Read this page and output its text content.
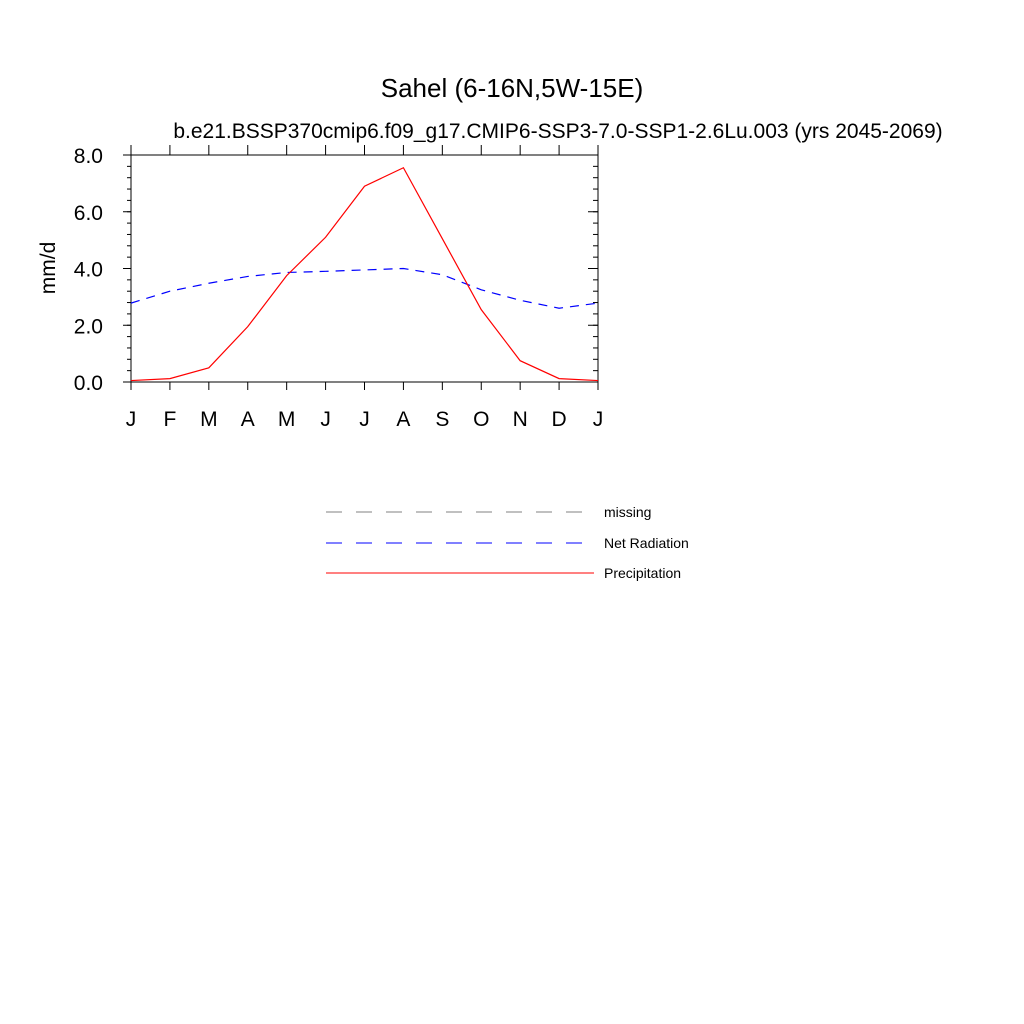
Sahel (6-16N,5W-15E)
b.e21.BSSP370cmip6.f09_g17.CMIP6-SSP3-7.0-SSP1-2.6Lu.003 (yrs 2045-2069)
mm/d
0.0
2.0
4.0
6.0
8.0
J F M A M J J A S O N D J
missing
Net Radiation
Precipitation
